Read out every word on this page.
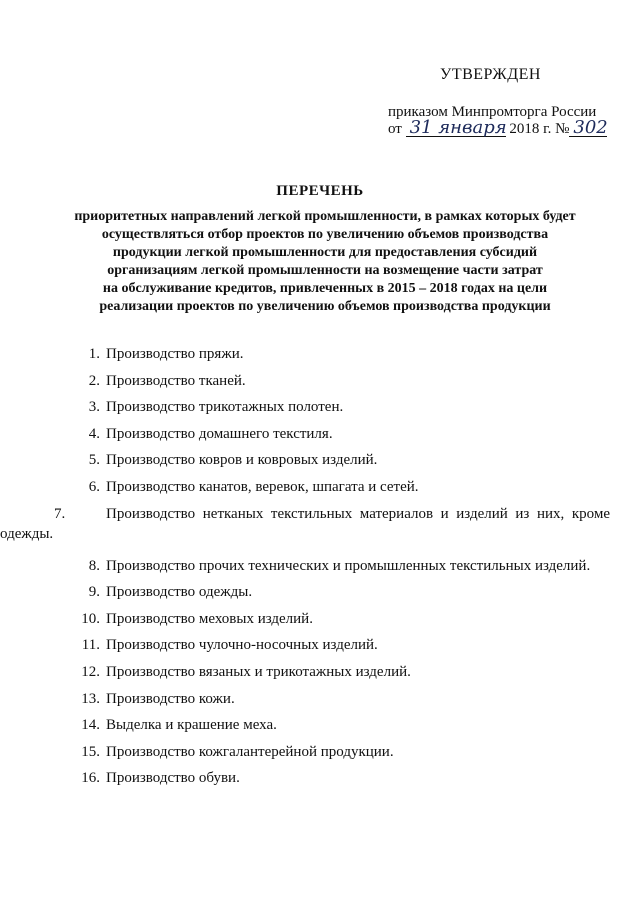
УТВЕРЖДЕН
приказом Минпромторга России
от 31 января 2018 г. № 302
ПЕРЕЧЕНЬ
приоритетных направлений легкой промышленности, в рамках которых будет
осуществляться отбор проектов по увеличению объемов производства
продукции легкой промышленности для предоставления субсидий
организациям легкой промышленности на возмещение части затрат
на обслуживание кредитов, привлеченных в 2015 – 2018 годах на цели
реализации проектов по увеличению объемов производства продукции
1. Производство пряжи.
2. Производство тканей.
3. Производство трикотажных полотен.
4. Производство домашнего текстиля.
5. Производство ковров и ковровых изделий.
6. Производство канатов, веревок, шпагата и сетей.
7.	Производство нетканых текстильных материалов и изделий из них, кроме
одежды.
8. Производство прочих технических и промышленных текстильных изделий.
9. Производство одежды.
10. Производство меховых изделий.
11. Производство чулочно-носочных изделий.
12. Производство вязаных и трикотажных изделий.
13. Производство кожи.
14. Выделка и крашение меха.
15. Производство кожгалантерейной продукции.
16. Производство обуви.
